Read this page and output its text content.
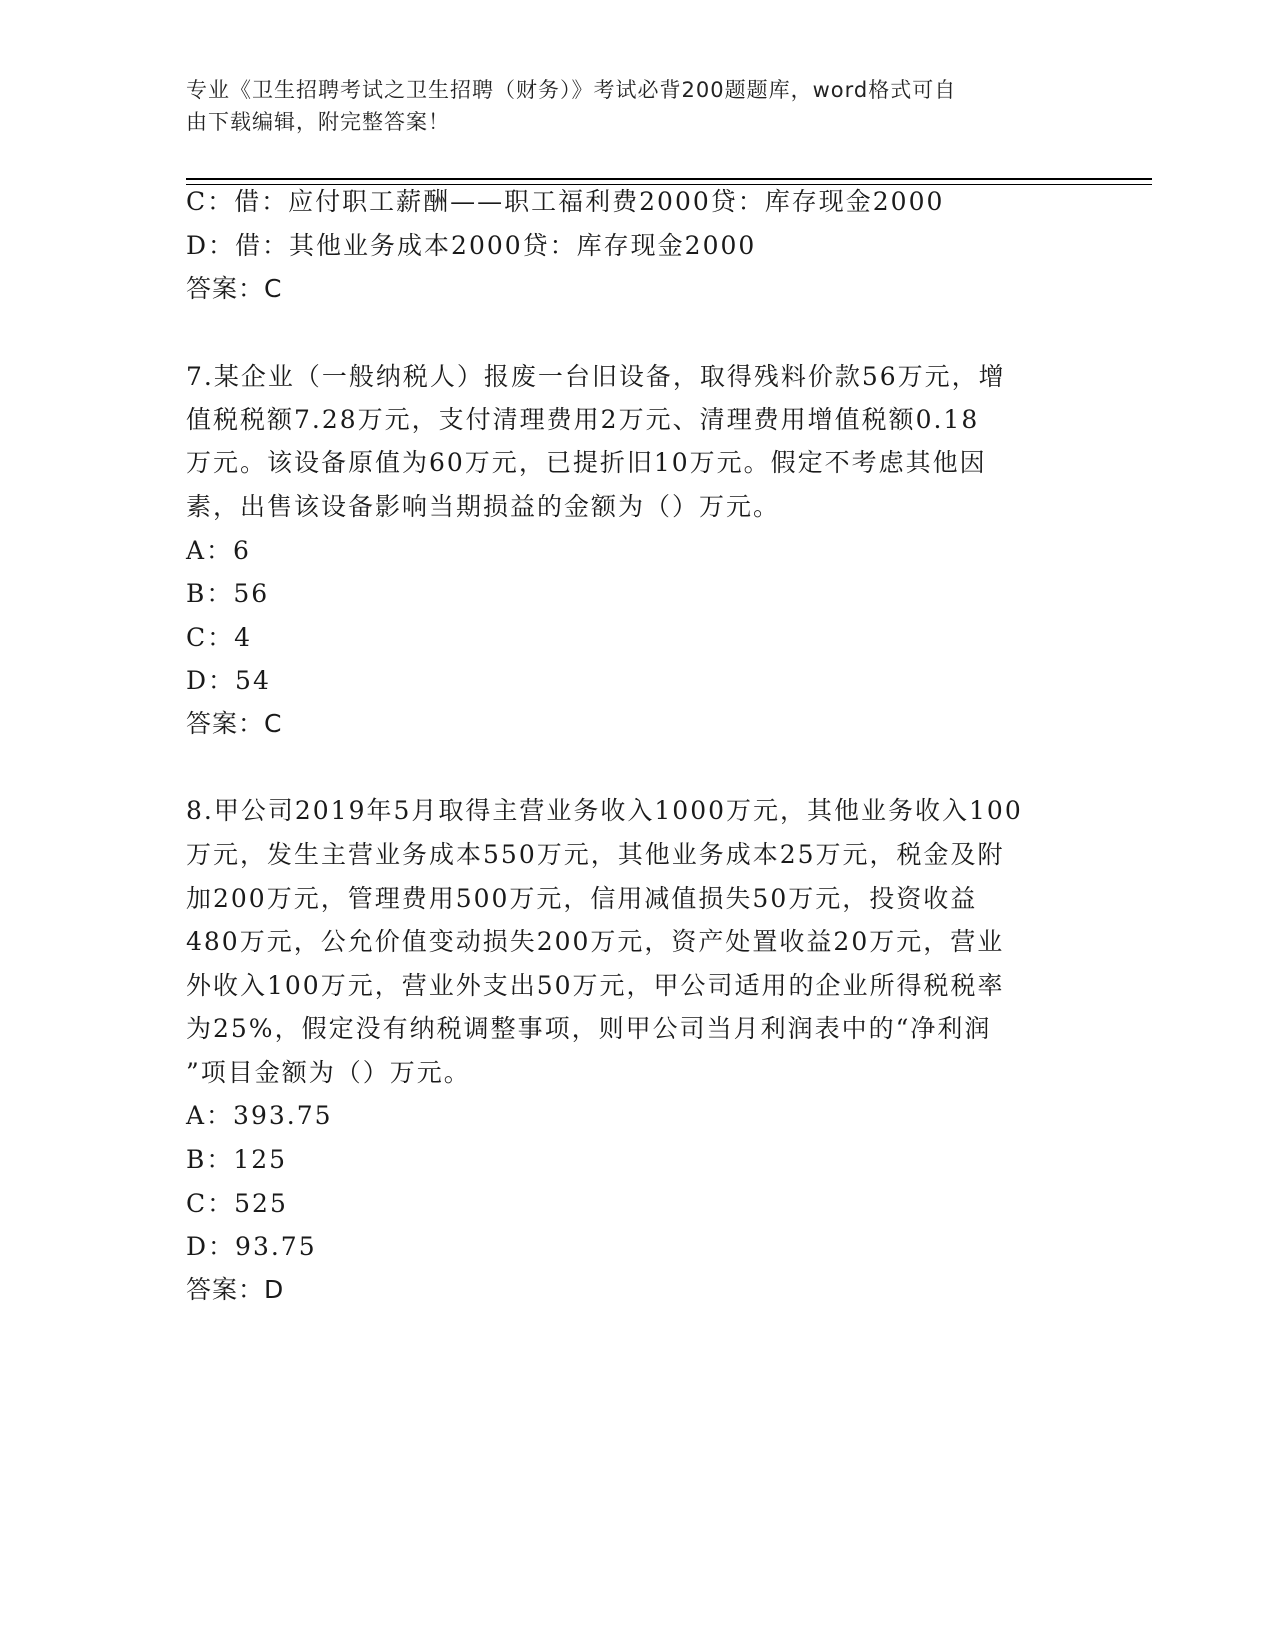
专业《卫生招聘考试之卫生招聘（财务）》考试必背200题题库，word格式可自
由下载编辑，附完整答案！
C：借：应付职工薪酬——职工福利费2000贷：库存现金2000
D：借：其他业务成本2000贷：库存现金2000
答案：C
7.某企业（一般纳税人）报废一台旧设备，取得残料价款56万元，增
值税税额7.28万元，支付清理费用2万元、清理费用增值税额0.18
万元。该设备原值为60万元，已提折旧10万元。假定不考虑其他因
素，出售该设备影响当期损益的金额为（）万元。
A：6
B：56
C：4
D：54
答案：C
8.甲公司2019年5月取得主营业务收入1000万元，其他业务收入100
万元，发生主营业务成本550万元，其他业务成本25万元，税金及附
加200万元，管理费用500万元，信用减值损失50万元，投资收益
480万元，公允价值变动损失200万元，资产处置收益20万元，营业
外收入100万元，营业外支出50万元，甲公司适用的企业所得税税率
为25%，假定没有纳税调整事项，则甲公司当月利润表中的“净利润
”项目金额为（）万元。
A：393.75
B：125
C：525
D：93.75
答案：D
